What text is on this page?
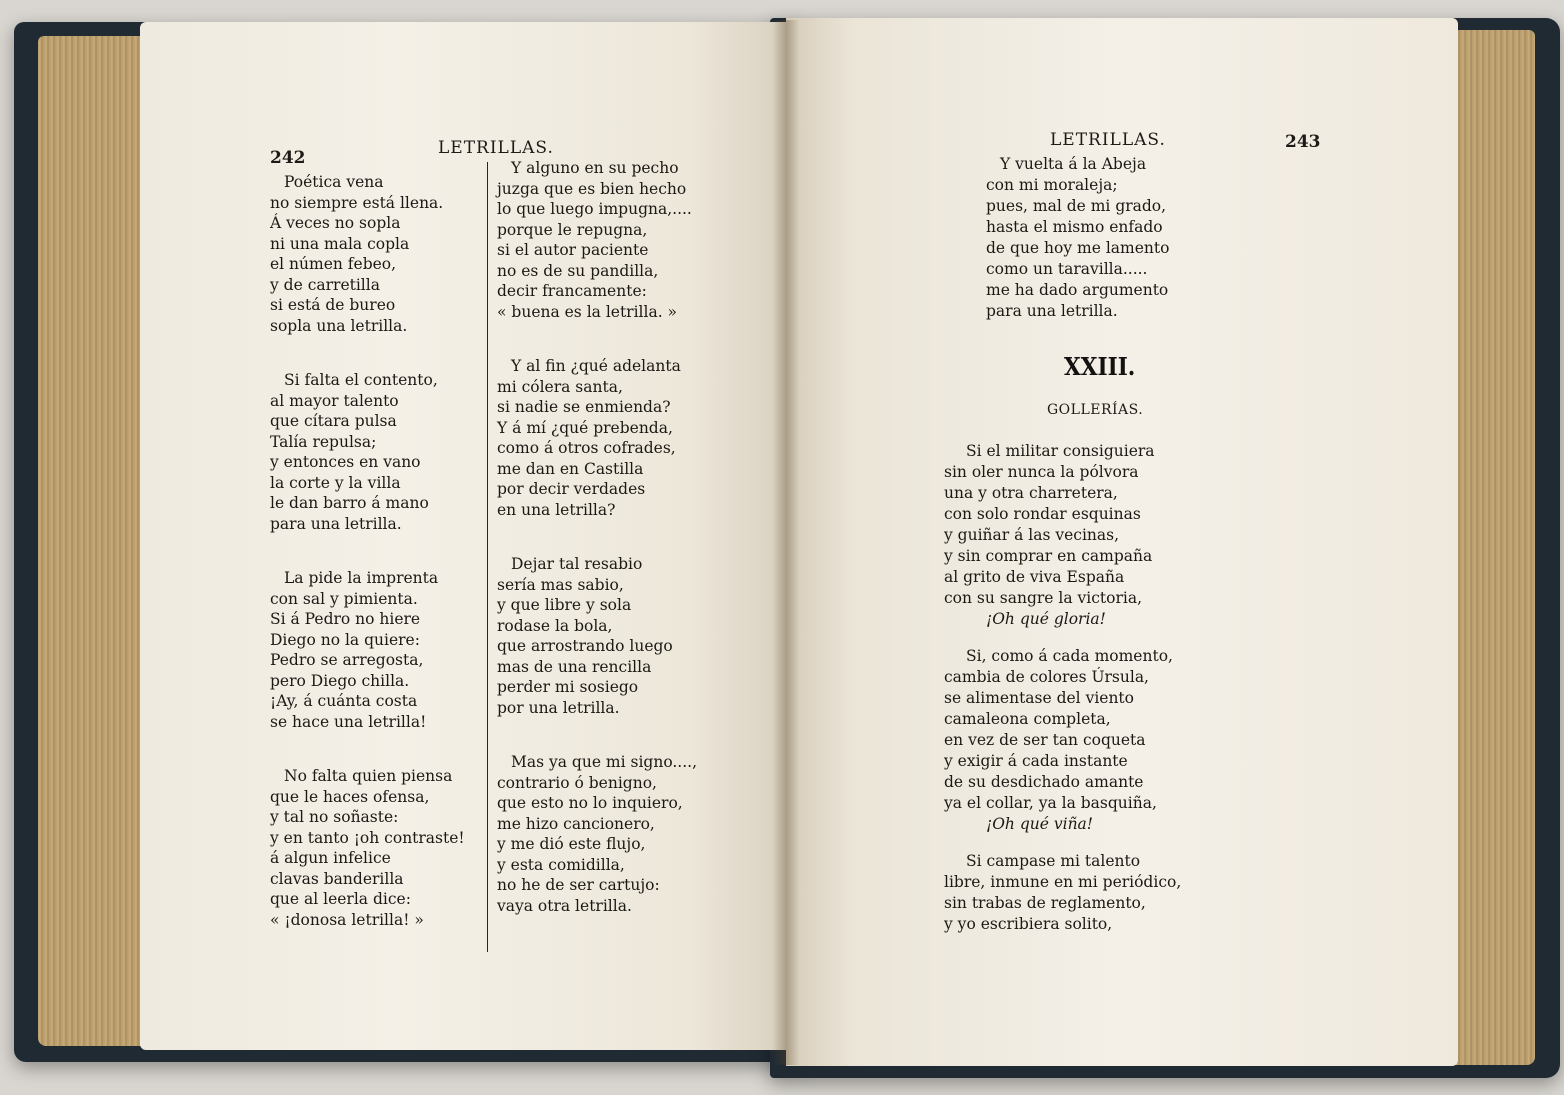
242	LETRILLAS.
Poética vena
no siempre está llena.
Á veces no sopla
ni una mala copla
el númen febeo,
y de carretilla
si está de bureo
sopla una letrilla.
Si falta el contento,
al mayor talento
que cítara pulsa
Talía repulsa;
y entonces en vano
la corte y la villa
le dan barro á mano
para una letrilla.
La pide la imprenta
con sal y pimienta.
Si á Pedro no hiere
Diego no la quiere:
Pedro se arregosta,
pero Diego chilla.
¡Ay, á cuánta costa
se hace una letrilla!
No falta quien piensa
que le haces ofensa,
y tal no soñaste:
y en tanto ¡oh contraste!
á algun infelice
clavas banderilla
que al leerla dice:
« ¡donosa letrilla! »
Y alguno en su pecho
juzga que es bien hecho
lo que luego impugna,....
porque le repugna,
si el autor paciente
no es de su pandilla,
decir francamente:
« buena es la letrilla. »
Y al fin ¿qué adelanta
mi cólera santa,
si nadie se enmienda?
Y á mí ¿qué prebenda,
como á otros cofrades,
me dan en Castilla
por decir verdades
en una letrilla?
Dejar tal resabio
sería mas sabio,
y que libre y sola
rodase la bola,
que arrostrando luego
mas de una rencilla
perder mi sosiego
por una letrilla.
Mas ya que mi signo....,
contrario ó benigno,
que esto no lo inquiero,
me hizo cancionero,
y me dió este flujo,
y esta comidilla,
no he de ser cartujo:
vaya otra letrilla.
LETRILLAS.	243
Y vuelta á la Abeja
con mi moraleja;
pues, mal de mi grado,
hasta el mismo enfado
de que hoy me lamento
como un taravilla.....
me ha dado argumento
para una letrilla.
XXIII.
GOLLERÍAS.
Si el militar consiguiera
sin oler nunca la pólvora
una y otra charretera,
con solo rondar esquinas
y guiñar á las vecinas,
y sin comprar en campaña
al grito de viva España
con su sangre la victoria,
¡Oh qué gloria!
Si, como á cada momento,
cambia de colores Úrsula,
se alimentase del viento
camaleona completa,
en vez de ser tan coqueta
y exigir á cada instante
de su desdichado amante
ya el collar, ya la basquiña,
¡Oh qué viña!
Si campase mi talento
libre, inmune en mi periódico,
sin trabas de reglamento,
y yo escribiera solito,
